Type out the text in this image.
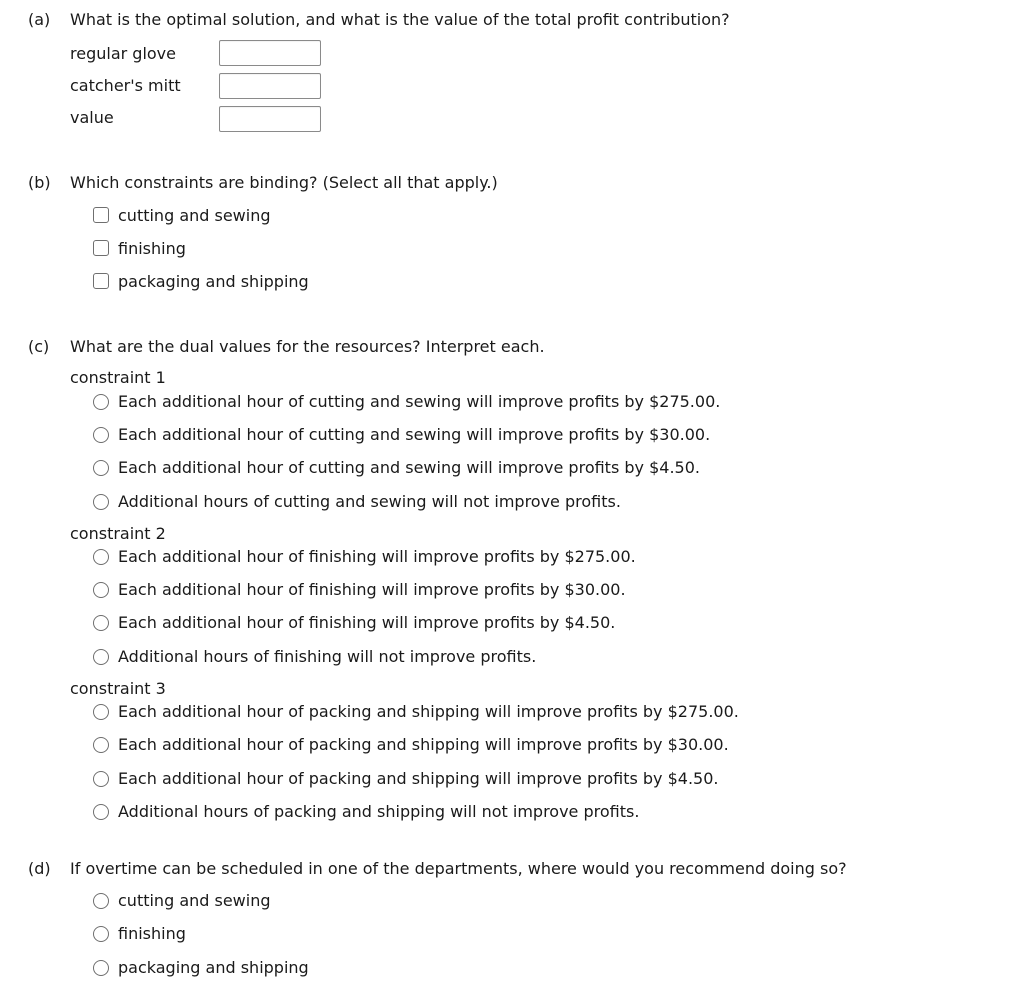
(a) What is the optimal solution, and what is the value of the total profit contribution?
regular glove
catcher's mitt
value
(b) Which constraints are binding? (Select all that apply.)
cutting and sewing
finishing
packaging and shipping
(c) What are the dual values for the resources? Interpret each.
constraint 1
Each additional hour of cutting and sewing will improve profits by $275.00.
Each additional hour of cutting and sewing will improve profits by $30.00.
Each additional hour of cutting and sewing will improve profits by $4.50.
Additional hours of cutting and sewing will not improve profits.
constraint 2
Each additional hour of finishing will improve profits by $275.00.
Each additional hour of finishing will improve profits by $30.00.
Each additional hour of finishing will improve profits by $4.50.
Additional hours of finishing will not improve profits.
constraint 3
Each additional hour of packing and shipping will improve profits by $275.00.
Each additional hour of packing and shipping will improve profits by $30.00.
Each additional hour of packing and shipping will improve profits by $4.50.
Additional hours of packing and shipping will not improve profits.
(d) If overtime can be scheduled in one of the departments, where would you recommend doing so?
cutting and sewing
finishing
packaging and shipping
